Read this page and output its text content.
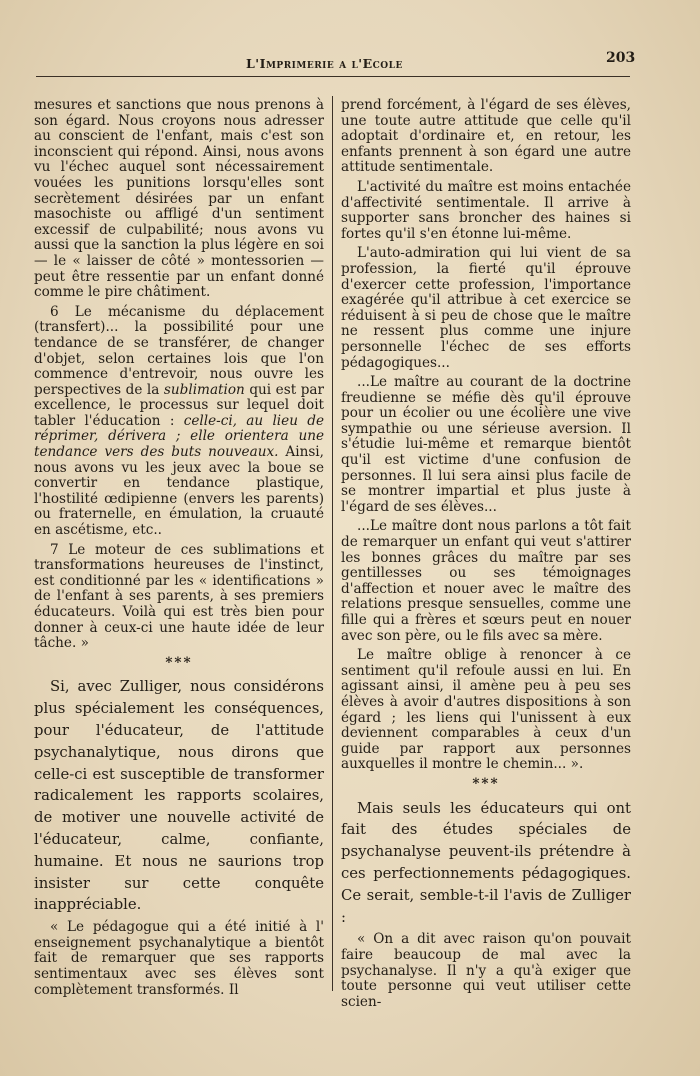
L'Imprimerie a l'Ecole	203

mesures et sanctions que nous prenons à son égard. Nous croyons nous adresser au conscient de l'enfant, mais c'est son inconscient qui répond. Ainsi, nous avons vu l'échec auquel sont nécessairement vouées les punitions lorsqu'elles sont secrètement désirées par un enfant masochiste ou affligé d'un sentiment excessif de culpabilité; nous avons vu aussi que la sanction la plus légère en soi — le « laisser de côté » montessorien — peut être ressentie par un enfant donné comme le pire châtiment.

6 Le mécanisme du déplacement (transfert)... la possibilité pour une tendance de se transférer, de changer d'objet, selon certaines lois que l'on commence d'entrevoir, nous ouvre les perspectives de la sublimation qui est par excellence, le processus sur lequel doit tabler l'éducation : celle-ci, au lieu de réprimer, dérivera ; elle orientera une tendance vers des buts nouveaux. Ainsi, nous avons vu les jeux avec la boue se convertir en tendance plastique, l'hostilité œdipienne (envers les parents) ou fraternelle, en émulation, la cruauté en ascétisme, etc..

7 Le moteur de ces sublimations et transformations heureuses de l'instinct, est conditionné par les « identifications » de l'enfant à ses parents, à ses premiers éducateurs. Voilà qui est très bien pour donner à ceux-ci une haute idée de leur tâche. »

***

Si, avec Zulliger, nous considérons plus spécialement les conséquences, pour l'éducateur, de l'attitude psychanalytique, nous dirons que celle-ci est susceptible de transformer radicalement les rapports scolaires, de motiver une nouvelle activité de l'éducateur, calme, confiante, humaine. Et nous ne saurions trop insister sur cette conquête inappréciable.

« Le pédagogue qui a été initié à l' enseignement psychanalytique a bientôt fait de remarquer que ses rapports sentimentaux avec ses élèves sont complètement transformés. Il

prend forcément, à l'égard de ses élèves, une toute autre attitude que celle qu'il adoptait d'ordinaire et, en retour, les enfants prennent à son égard une autre attitude sentimentale.

L'activité du maître est moins entachée d'affectivité sentimentale. Il arrive à supporter sans broncher des haines si fortes qu'il s'en étonne lui-même.

L'auto-admiration qui lui vient de sa profession, la fierté qu'il éprouve d'exercer cette profession, l'importance exagérée qu'il attribue à cet exercice se réduisent à si peu de chose que le maître ne ressent plus comme une injure personnelle l'échec de ses efforts pédagogiques...

...Le maître au courant de la doctrine freudienne se méfie dès qu'il éprouve pour un écolier ou une écolière une vive sympathie ou une sérieuse aversion. Il s'étudie lui-même et remarque bientôt qu'il est victime d'une confusion de personnes. Il lui sera ainsi plus facile de se montrer impartial et plus juste à l'égard de ses élèves...

...Le maître dont nous parlons a tôt fait de remarquer un enfant qui veut s'attirer les bonnes grâces du maître par ses gentillesses ou ses témoignages d'affection et nouer avec le maître des relations presque sensuelles, comme une fille qui a frères et sœurs peut en nouer avec son père, ou le fils avec sa mère.

Le maître oblige à renoncer à ce sentiment qu'il refoule aussi en lui. En agissant ainsi, il amène peu à peu ses élèves à avoir d'autres dispositions à son égard ; les liens qui l'unissent à eux deviennent comparables à ceux d'un guide par rapport aux personnes auxquelles il montre le chemin... ».

***

Mais seuls les éducateurs qui ont fait des études spéciales de psychanalyse peuvent-ils prétendre à ces perfectionnements pédagogiques. Ce serait, semble-t-il l'avis de Zulliger :

« On a dit avec raison qu'on pouvait faire beaucoup de mal avec la psychanalyse. Il n'y a qu'à exiger que toute personne qui veut utiliser cette scien-
